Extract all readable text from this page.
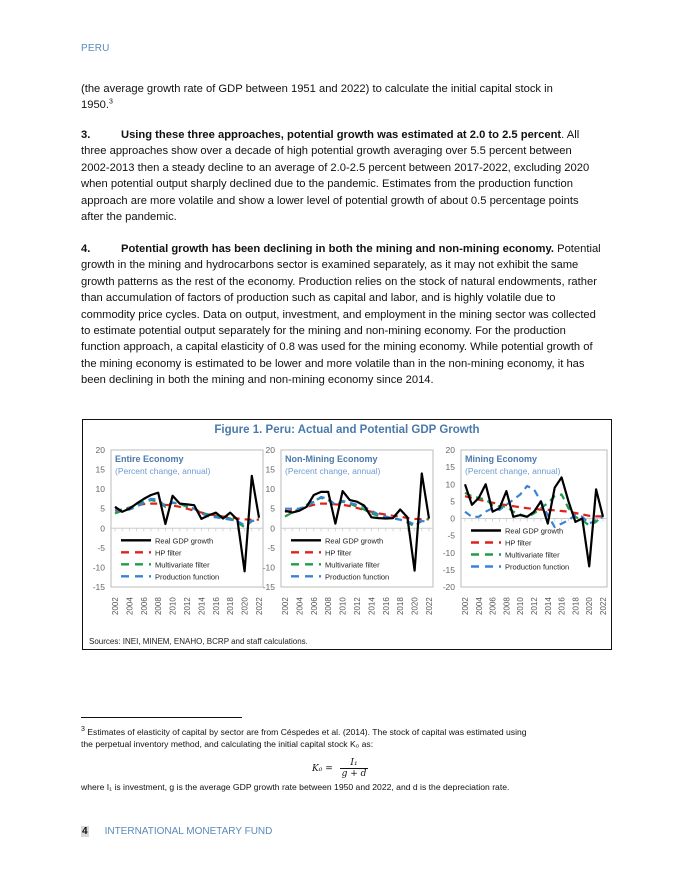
PERU
(the average growth rate of GDP between 1951 and 2022) to calculate the initial capital stock in
1950.$^3$
3.	Using these three approaches, potential growth was estimated at 2.0 to 2.5 percent. All three approaches show over a decade of high potential growth averaging over 5.5 percent between 2002-2013 then a steady decline to an average of 2.0-2.5 percent between 2017-2022, excluding 2020 when potential output sharply declined due to the pandemic. Estimates from the production function approach are more volatile and show a lower level of potential growth of about 0.5 percentage points after the pandemic.
4.	Potential growth has been declining in both the mining and non-mining economy. Potential growth in the mining and hydrocarbons sector is examined separately, as it may not exhibit the same growth patterns as the rest of the economy. Production relies on the stock of natural endowments, rather than accumulation of factors of production such as capital and labor, and is highly volatile due to commodity price cycles. Data on output, investment, and employment in the mining sector was collected to estimate potential output separately for the mining and non-mining economy. For the production function approach, a capital elasticity of 0.8 was used for the mining economy. While potential growth of the mining economy is estimated to be lower and more volatile than in the non-mining economy, it has been declining in both the mining and non-mining economy since 2014.
Figure 1. Peru: Actual and Potential GDP Growth
20
15
10
5
0
-5
-10
-15
Entire Economy
(Percent change, annual)
Real GDP growth
HP filter
Multivariate filter
Production function
2002 2004 2006 2008 2010 2012 2014 2016 2018 2020 2022
20
15
10
5
0
-5
-10
-15
Non-Mining Economy
(Percent change, annual)
Real GDP growth
HP filter
Multivariate filter
Production function
2002 2004 2006 2008 2010 2012 2014 2016 2018 2020 2022
20
15
10
5
0
-5
-10
-15
-20
Mining Economy
(Percent change, annual)
Real GDP growth
HP filter
Multivariate filter
Production function
2002 2004 2006 2008 2010 2012 2014 2016 2018 2020 2022
Sources: INEI, MINEM, ENAHO, BCRP and staff calculations.
$^3$ Estimates of elasticity of capital by sector are from Céspedes et al. (2014). The stock of capital was estimated using
the perpetual inventory method, and calculating the initial capital stock K₀ as:
$K_0 = \frac{\text{I₁}}{g + d}$
where I₁ is investment, g is the average GDP growth rate between 1950 and 2022, and d is the depreciation rate.
4 INTERNATIONAL MONETARY FUND
